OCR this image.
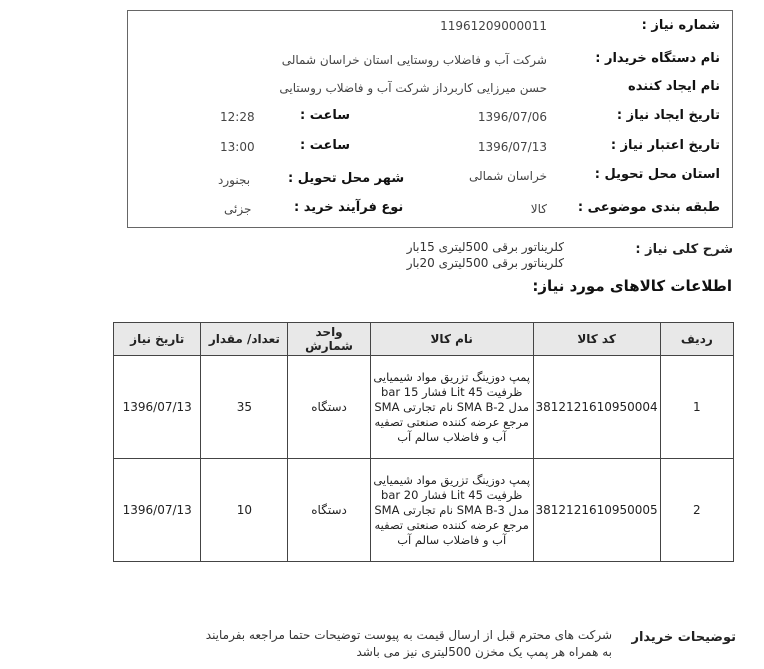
شماره نیاز :
11961209000011
نام دستگاه خریدار :
شرکت آب و فاضلاب روستایی استان خراسان شمالی
نام ایجاد کننده
حسن میرزایی کاربرداز شرکت آب و فاضلاب روستایی
تاریخ ایجاد نیاز :
1396/07/06
ساعت :
12:28
تاریخ اعتبار نیاز :
1396/07/13
ساعت :
13:00
استان محل تحویل :
خراسان شمالی
شهر محل تحویل :
بجنورد
طبقه بندی موضوعی :
کالا
نوع فرآیند خرید :
جزئی
شرح کلی نیاز :
کلریناتور برقی 500لیتری 15بار
کلریناتور برقی 500لیتری 20بار
اطلاعات کالاهای مورد نیاز:
ردیف	کد کالا	نام کالا	واحد شمارش	تعداد/ مقدار	تاریخ نیاز
1	3812121610950004	پمپ دوزینگ تزریق مواد شیمیایی ظرفیت Lit 45 فشار bar 15 مدل SMA B-2 نام تجارتی SMA مرجع عرضه کننده صنعتی تصفیه آب و فاضلاب سالم آب	دستگاه	35	1396/07/13
2	3812121610950005	پمپ دوزینگ تزریق مواد شیمیایی ظرفیت Lit 45 فشار bar 20 مدل SMA B-3 نام تجارتی SMA مرجع عرضه کننده صنعتی تصفیه آب و فاضلاب سالم آب	دستگاه	10	1396/07/13
توضیحات خریدار
شرکت های محترم قبل از ارسال قیمت به پیوست توضیحات حتما مراجعه بفرمایند
به همراه هر پمپ یک مخزن 500لیتری نیز می باشد
